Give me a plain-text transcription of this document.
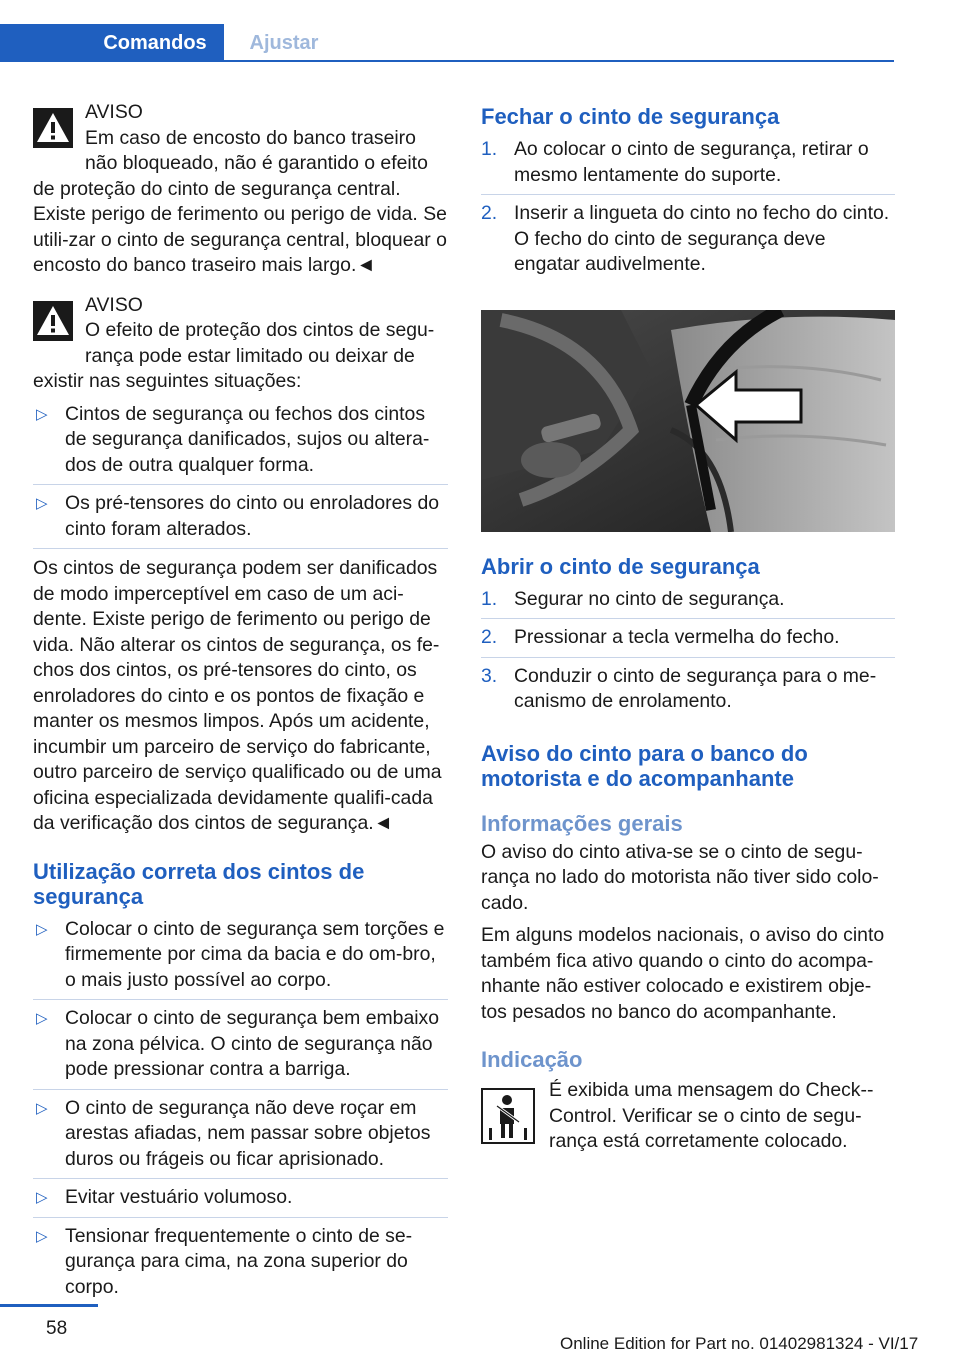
Comandos	Ajustar
AVISO
Em caso de encosto do banco traseiro não bloqueado, não é garantido o efeito de proteção do cinto de segurança central. Existe perigo de ferimento ou perigo de vida. Se utili-zar o cinto de segurança central, bloquear o encosto do banco traseiro mais largo.◄
AVISO
O efeito de proteção dos cintos de segu-rança pode estar limitado ou deixar de existir nas seguintes situações:
▷ Cintos de segurança ou fechos dos cintos de segurança danificados, sujos ou altera-dos de outra qualquer forma.
▷ Os pré-tensores do cinto ou enroladores do cinto foram alterados.

Os cintos de segurança podem ser danificados de modo imperceptível em caso de um aci-dente. Existe perigo de ferimento ou perigo de vida. Não alterar os cintos de segurança, os fe-chos dos cintos, os pré-tensores do cinto, os enroladores do cinto e os pontos de fixação e manter os mesmos limpos. Após um acidente, incumbir um parceiro de serviço do fabricante, outro parceiro de serviço qualificado ou de uma oficina especializada devidamente qualifi-cada da verificação dos cintos de segurança.◄

Utilização correta dos cintos de segurança
▷ Colocar o cinto de segurança sem torções e firmemente por cima da bacia e do om-bro, o mais justo possível ao corpo.
▷ Colocar o cinto de segurança bem embaixo na zona pélvica. O cinto de segurança não pode pressionar contra a barriga.
▷ O cinto de segurança não deve roçar em arestas afiadas, nem passar sobre objetos duros ou frágeis ou ficar aprisionado.
▷ Evitar vestuário volumoso.
▷ Tensionar frequentemente o cinto de se-gurança para cima, na zona superior do corpo.
Fechar o cinto de segurança
1. Ao colocar o cinto de segurança, retirar o mesmo lentamente do suporte.
2. Inserir a lingueta do cinto no fecho do cinto. O fecho do cinto de segurança deve engatar audivelmente.
Abrir o cinto de segurança
1. Segurar no cinto de segurança.
2. Pressionar a tecla vermelha do fecho.
3. Conduzir o cinto de segurança para o me-canismo de enrolamento.
Aviso do cinto para o banco do motorista e do acompanhante
Informações gerais

O aviso do cinto ativa-se se o cinto de segu-rança no lado do motorista não tiver sido colo-cado.

Em alguns modelos nacionais, o aviso do cinto também fica ativo quando o cinto do acompa-nhante não estiver colocado e existirem obje-tos pesados no banco do acompanhante.

Indicação
É exibida uma mensagem do Check--Control. Verificar se o cinto de segu-rança está corretamente colocado.
58
Online Edition for Part no. 01402981324 - VI/17
